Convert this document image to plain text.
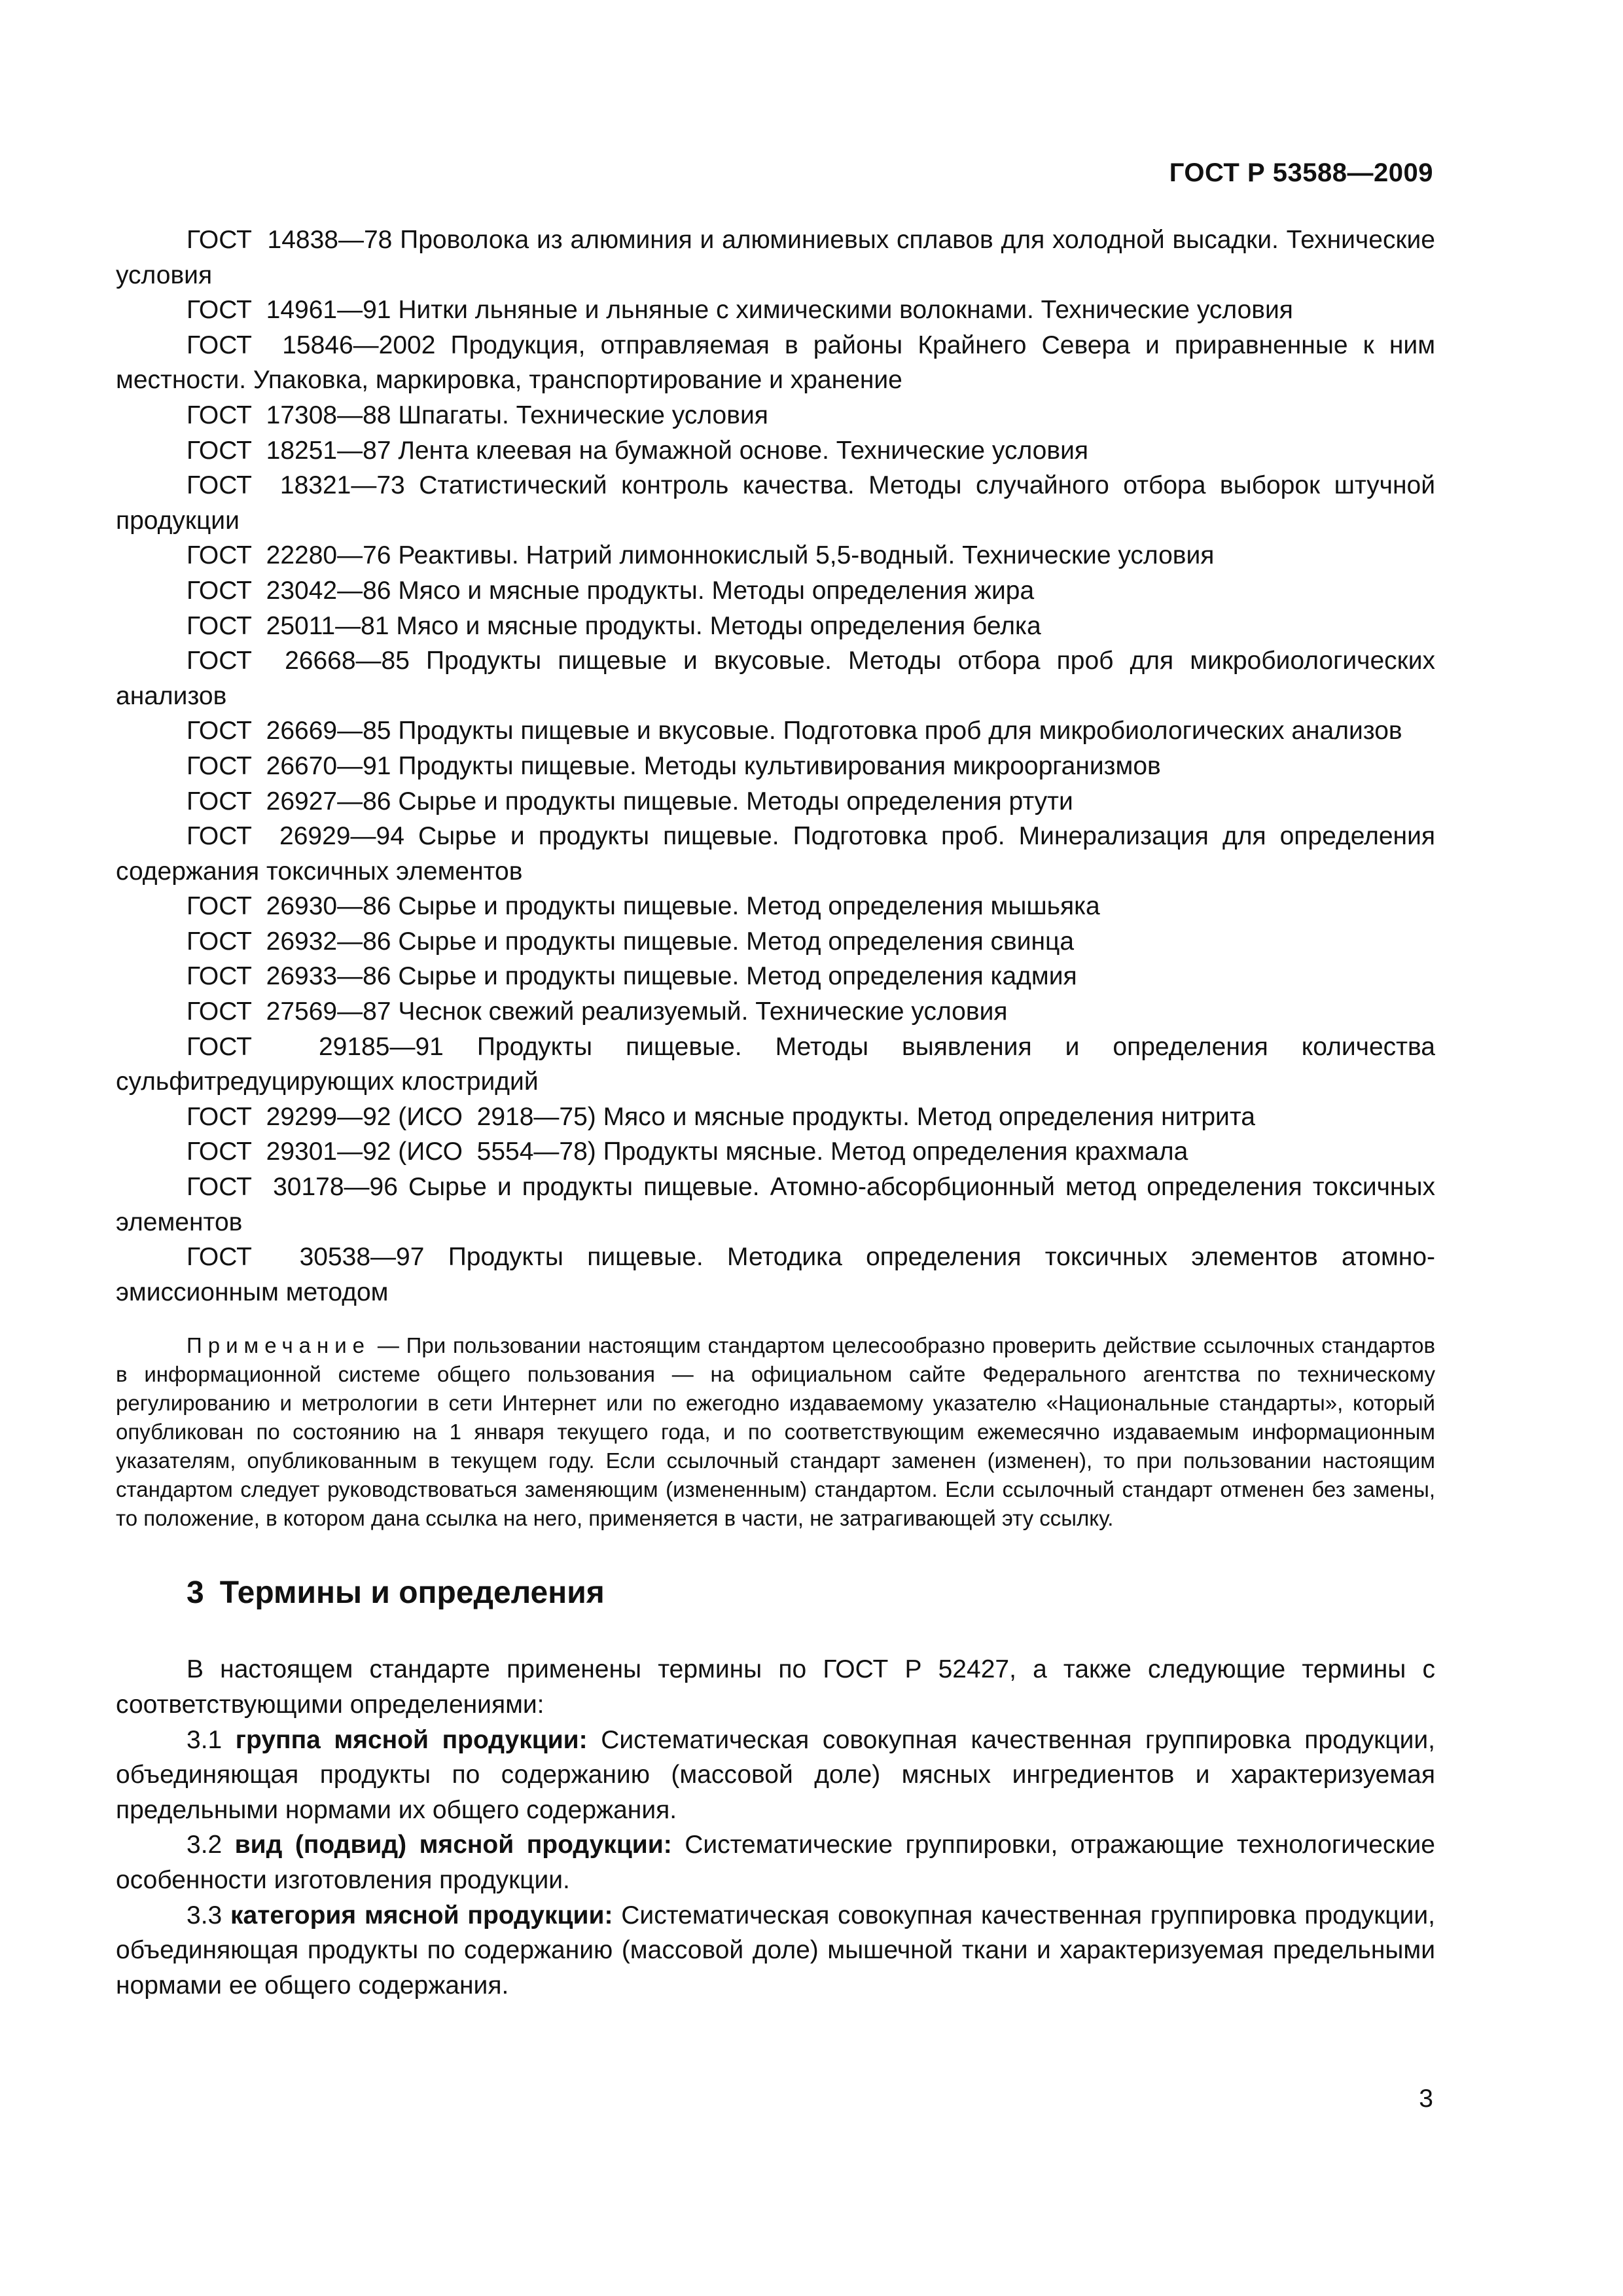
ГОСТ Р 53588—2009

ГОСТ  14838—78 Проволока из алюминия и алюминиевых сплавов для холодной высадки. Технические условия

ГОСТ  14961—91 Нитки льняные и льняные с химическими волокнами. Технические условия

ГОСТ  15846—2002 Продукция, отправляемая в районы Крайнего Севера и приравненные к ним местности. Упаковка, маркировка, транспортирование и хранение

ГОСТ  17308—88 Шпагаты. Технические условия

ГОСТ  18251—87 Лента клеевая на бумажной основе. Технические условия

ГОСТ  18321—73 Статистический контроль качества. Методы случайного отбора выборок штучной продукции

ГОСТ  22280—76 Реактивы. Натрий лимоннокислый 5,5-водный. Технические условия

ГОСТ  23042—86 Мясо и мясные продукты. Методы определения жира

ГОСТ  25011—81 Мясо и мясные продукты. Методы определения белка

ГОСТ  26668—85 Продукты пищевые и вкусовые. Методы отбора проб для микробиологических анализов

ГОСТ  26669—85 Продукты пищевые и вкусовые. Подготовка проб для микробиологических анализов

ГОСТ  26670—91 Продукты пищевые. Методы культивирования микроорганизмов

ГОСТ  26927—86 Сырье и продукты пищевые. Методы определения ртути

ГОСТ  26929—94 Сырье и продукты пищевые. Подготовка проб. Минерализация для определения содержания токсичных элементов

ГОСТ  26930—86 Сырье и продукты пищевые. Метод определения мышьяка

ГОСТ  26932—86 Сырье и продукты пищевые. Метод определения свинца

ГОСТ  26933—86 Сырье и продукты пищевые. Метод определения кадмия

ГОСТ  27569—87 Чеснок свежий реализуемый. Технические условия

ГОСТ  29185—91 Продукты пищевые. Методы выявления и определения количества сульфитредуцирующих клостридий

ГОСТ  29299—92 (ИСО  2918—75) Мясо и мясные продукты. Метод определения нитрита

ГОСТ  29301—92 (ИСО  5554—78) Продукты мясные. Метод определения крахмала

ГОСТ  30178—96 Сырье и продукты пищевые. Атомно-абсорбционный метод определения токсичных элементов

ГОСТ  30538—97 Продукты пищевые. Методика определения токсичных элементов атомно-эмиссионным методом

Примечание — При пользовании настоящим стандартом целесообразно проверить действие ссылочных стандартов в информационной системе общего пользования — на официальном сайте Федерального агентства по техническому регулированию и метрологии в сети Интернет или по ежегодно издаваемому указателю «Национальные стандарты», который опубликован по состоянию на 1 января текущего года, и по соответствующим ежемесячно издаваемым информационным указателям, опубликованным в текущем году. Если ссылочный стандарт заменен (изменен), то при пользовании настоящим стандартом следует руководствоваться заменяющим (измененным) стандартом. Если ссылочный стандарт отменен без замены, то положение, в котором дана ссылка на него, применяется в части, не затрагивающей эту ссылку.

3 Термины и определения

В настоящем стандарте применены термины по ГОСТ Р 52427, а также следующие термины с соответствующими определениями:

3.1 группа мясной продукции: Систематическая совокупная качественная группировка продукции, объединяющая продукты по содержанию (массовой доле) мясных ингредиентов и характеризуемая предельными нормами их общего содержания.

3.2 вид (подвид) мясной продукции: Систематические группировки, отражающие технологические особенности изготовления продукции.

3.3 категория мясной продукции: Систематическая совокупная качественная группировка продукции, объединяющая продукты по содержанию (массовой доле) мышечной ткани и характеризуемая предельными нормами ее общего содержания.

3
